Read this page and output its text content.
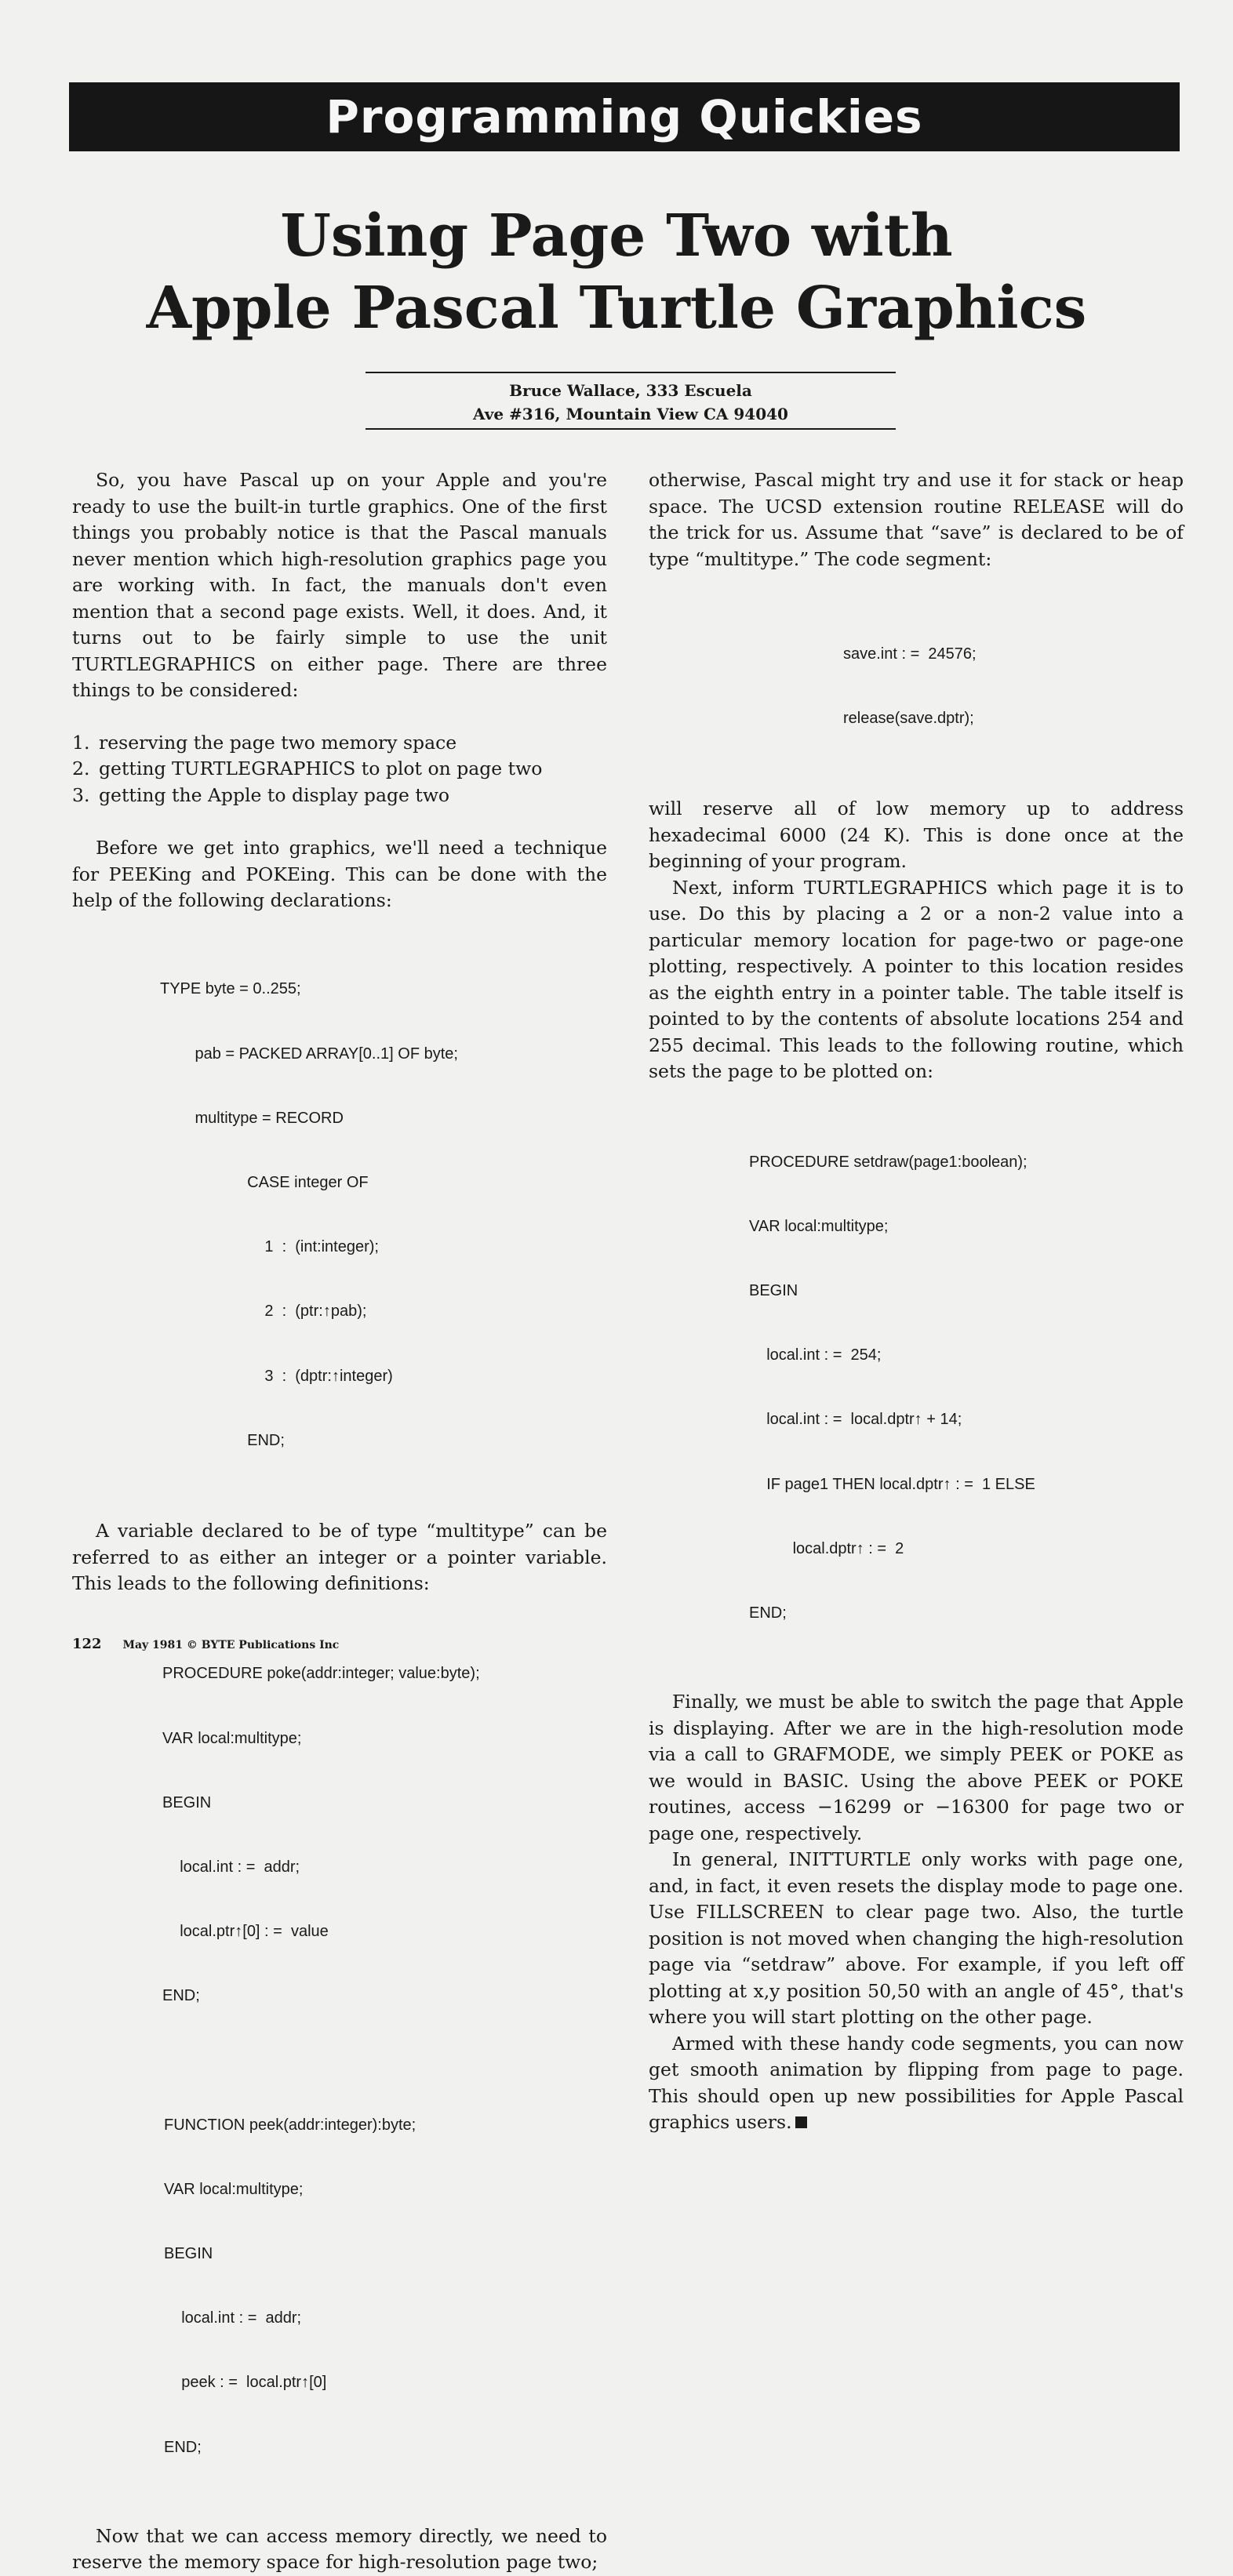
Programming Quickies
Using Page Two with
Apple Pascal Turtle Graphics
Bruce Wallace, 333 Escuela
Ave #316, Mountain View CA 94040

So, you have Pascal up on your Apple and you're ready to use the built-in turtle graphics. One of the first things you probably notice is that the Pascal manuals never mention which high-resolution graphics page you are working with. In fact, the manuals don't even mention that a second page exists. Well, it does. And, it turns out to be fairly simple to use the unit TURTLEGRAPHICS on either page. There are three things to be considered:

1. reserving the page two memory space
2. getting TURTLEGRAPHICS to plot on page two
3. getting the Apple to display page two

Before we get into graphics, we'll need a technique for PEEKing and POKEing. This can be done with the help of the following declarations:

TYPE byte = 0..255;

pab = PACKED ARRAY[0..1] OF byte;

multitype = RECORD

CASE integer OF

1  :  (int:integer);

2  :  (ptr:↑pab);

3  :  (dptr:↑integer)

END;

A variable declared to be of type “multitype” can be referred to as either an integer or a pointer variable. This leads to the following definitions:

PROCEDURE poke(addr:integer; value:byte);

VAR local:multitype;

BEGIN

local.int : =  addr;

local.ptr↑[0] : =  value

END;

FUNCTION peek(addr:integer):byte;

VAR local:multitype;

BEGIN

local.int : =  addr;

peek : =  local.ptr↑[0]

END;

Now that we can access memory directly, we need to reserve the memory space for high-resolution page two;

otherwise, Pascal might try and use it for stack or heap space. The UCSD extension routine RELEASE will do the trick for us. Assume that “save” is declared to be of type “multitype.” The code segment:

save.int : =  24576;

release(save.dptr);

will reserve all of low memory up to address hexadecimal 6000 (24 K). This is done once at the beginning of your program.

Next, inform TURTLEGRAPHICS which page it is to use. Do this by placing a 2 or a non-2 value into a particular memory location for page-two or page-one plotting, respectively. A pointer to this location resides as the eighth entry in a pointer table. The table itself is pointed to by the contents of absolute locations 254 and 255 decimal. This leads to the following routine, which sets the page to be plotted on:

PROCEDURE setdraw(page1:boolean);

VAR local:multitype;

BEGIN

local.int : =  254;

local.int : =  local.dptr↑ + 14;

IF page1 THEN local.dptr↑ : =  1 ELSE

local.dptr↑ : =  2

END;

Finally, we must be able to switch the page that Apple is displaying. After we are in the high-resolution mode via a call to GRAFMODE, we simply PEEK or POKE as we would in BASIC. Using the above PEEK or POKE routines, access −16299 or −16300 for page two or page one, respectively.

In general, INITTURTLE only works with page one, and, in fact, it even resets the display mode to page one. Use FILLSCREEN to clear page two. Also, the turtle position is not moved when changing the high-resolution page via “setdraw” above. For example, if you left off plotting at x,y position 50,50 with an angle of 45°, that's where you will start plotting on the other page.

Armed with these handy code segments, you can now get smooth animation by flipping from page to page. This should open up new possibilities for Apple Pascal graphics users.

122 May 1981 © BYTE Publications Inc
